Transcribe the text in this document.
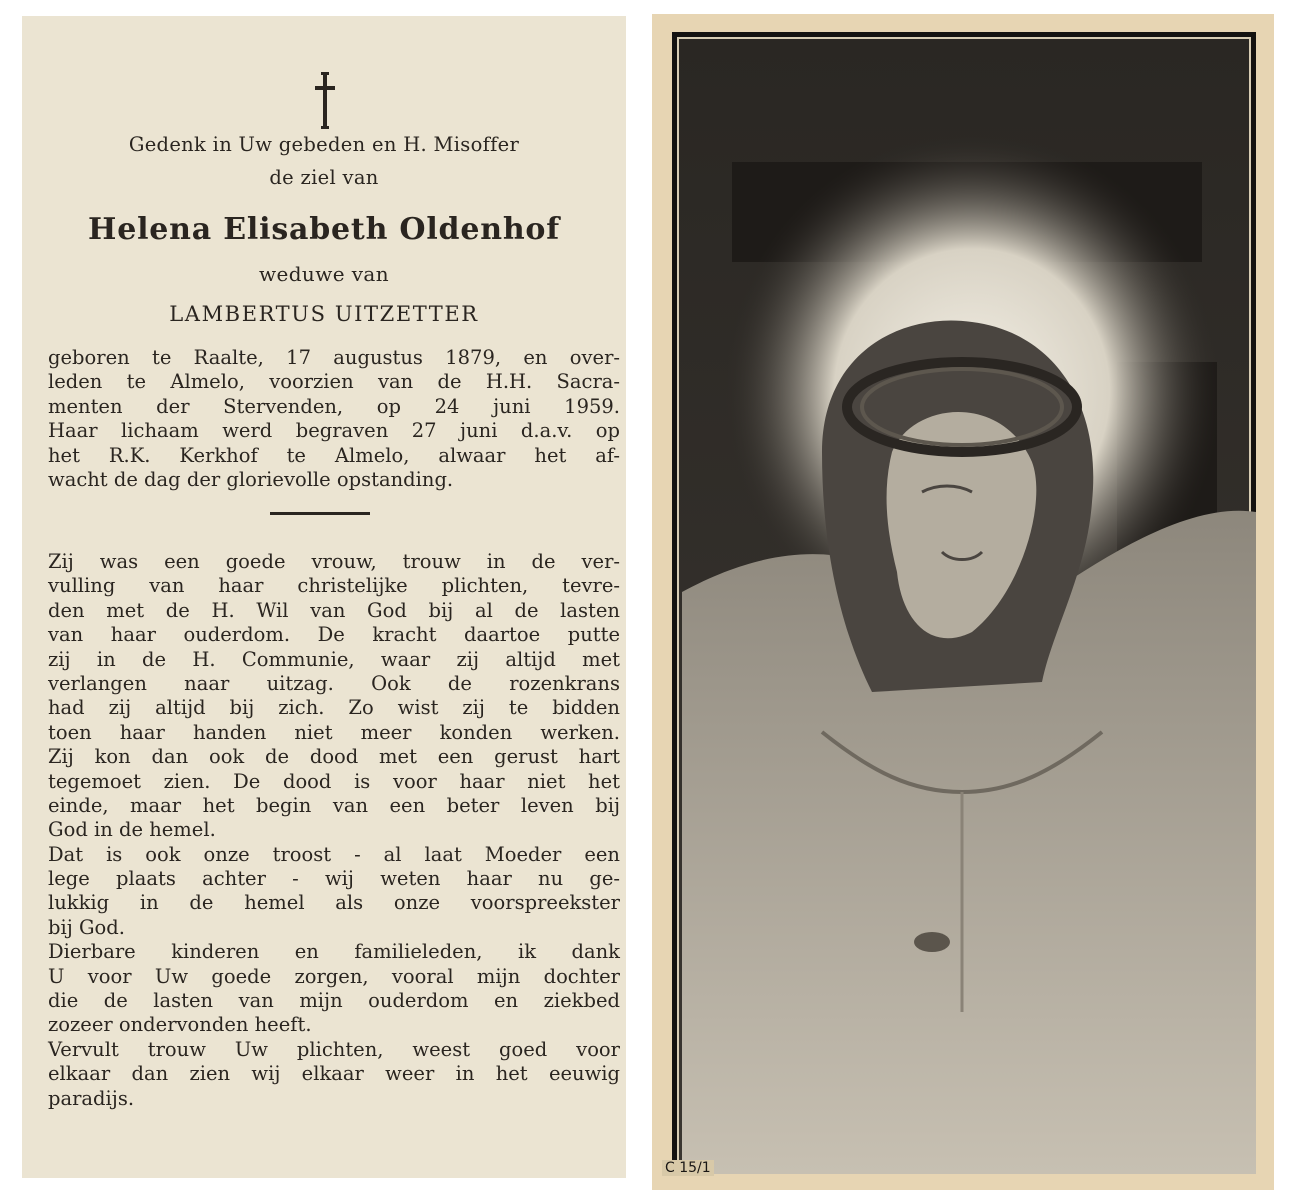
Gedenk in Uw gebeden en H. Misoffer
de ziel van
Helena Elisabeth Oldenhof
weduwe van
LAMBERTUS UITZETTER
geboren te Raalte, 17 augustus 1879, en over-
leden te Almelo, voorzien van de H.H. Sacra-
menten der Stervenden, op 24 juni 1959.
Haar lichaam werd begraven 27 juni d.a.v. op
het R.K. Kerkhof te Almelo, alwaar het af-
wacht de dag der glorievolle opstanding.
Zij was een goede vrouw, trouw in de ver-
vulling van haar christelijke plichten, tevre-
den met de H. Wil van God bij al de lasten
van haar ouderdom. De kracht daartoe putte
zij in de H. Communie, waar zij altijd met
verlangen naar uitzag. Ook de rozenkrans
had zij altijd bij zich. Zo wist zij te bidden
toen haar handen niet meer konden werken.
Zij kon dan ook de dood met een gerust hart
tegemoet zien. De dood is voor haar niet het
einde, maar het begin van een beter leven bij
God in de hemel.
Dat is ook onze troost - al laat Moeder een
lege plaats achter - wij weten haar nu ge-
lukkig in de hemel als onze voorspreekster
bij God.
Dierbare kinderen en familieleden, ik dank
U voor Uw goede zorgen, vooral mijn dochter
die de lasten van mijn ouderdom en ziekbed
zozeer ondervonden heeft.
Vervult trouw Uw plichten, weest goed voor
elkaar dan zien wij elkaar weer in het eeuwig
paradijs.
C 15/1
